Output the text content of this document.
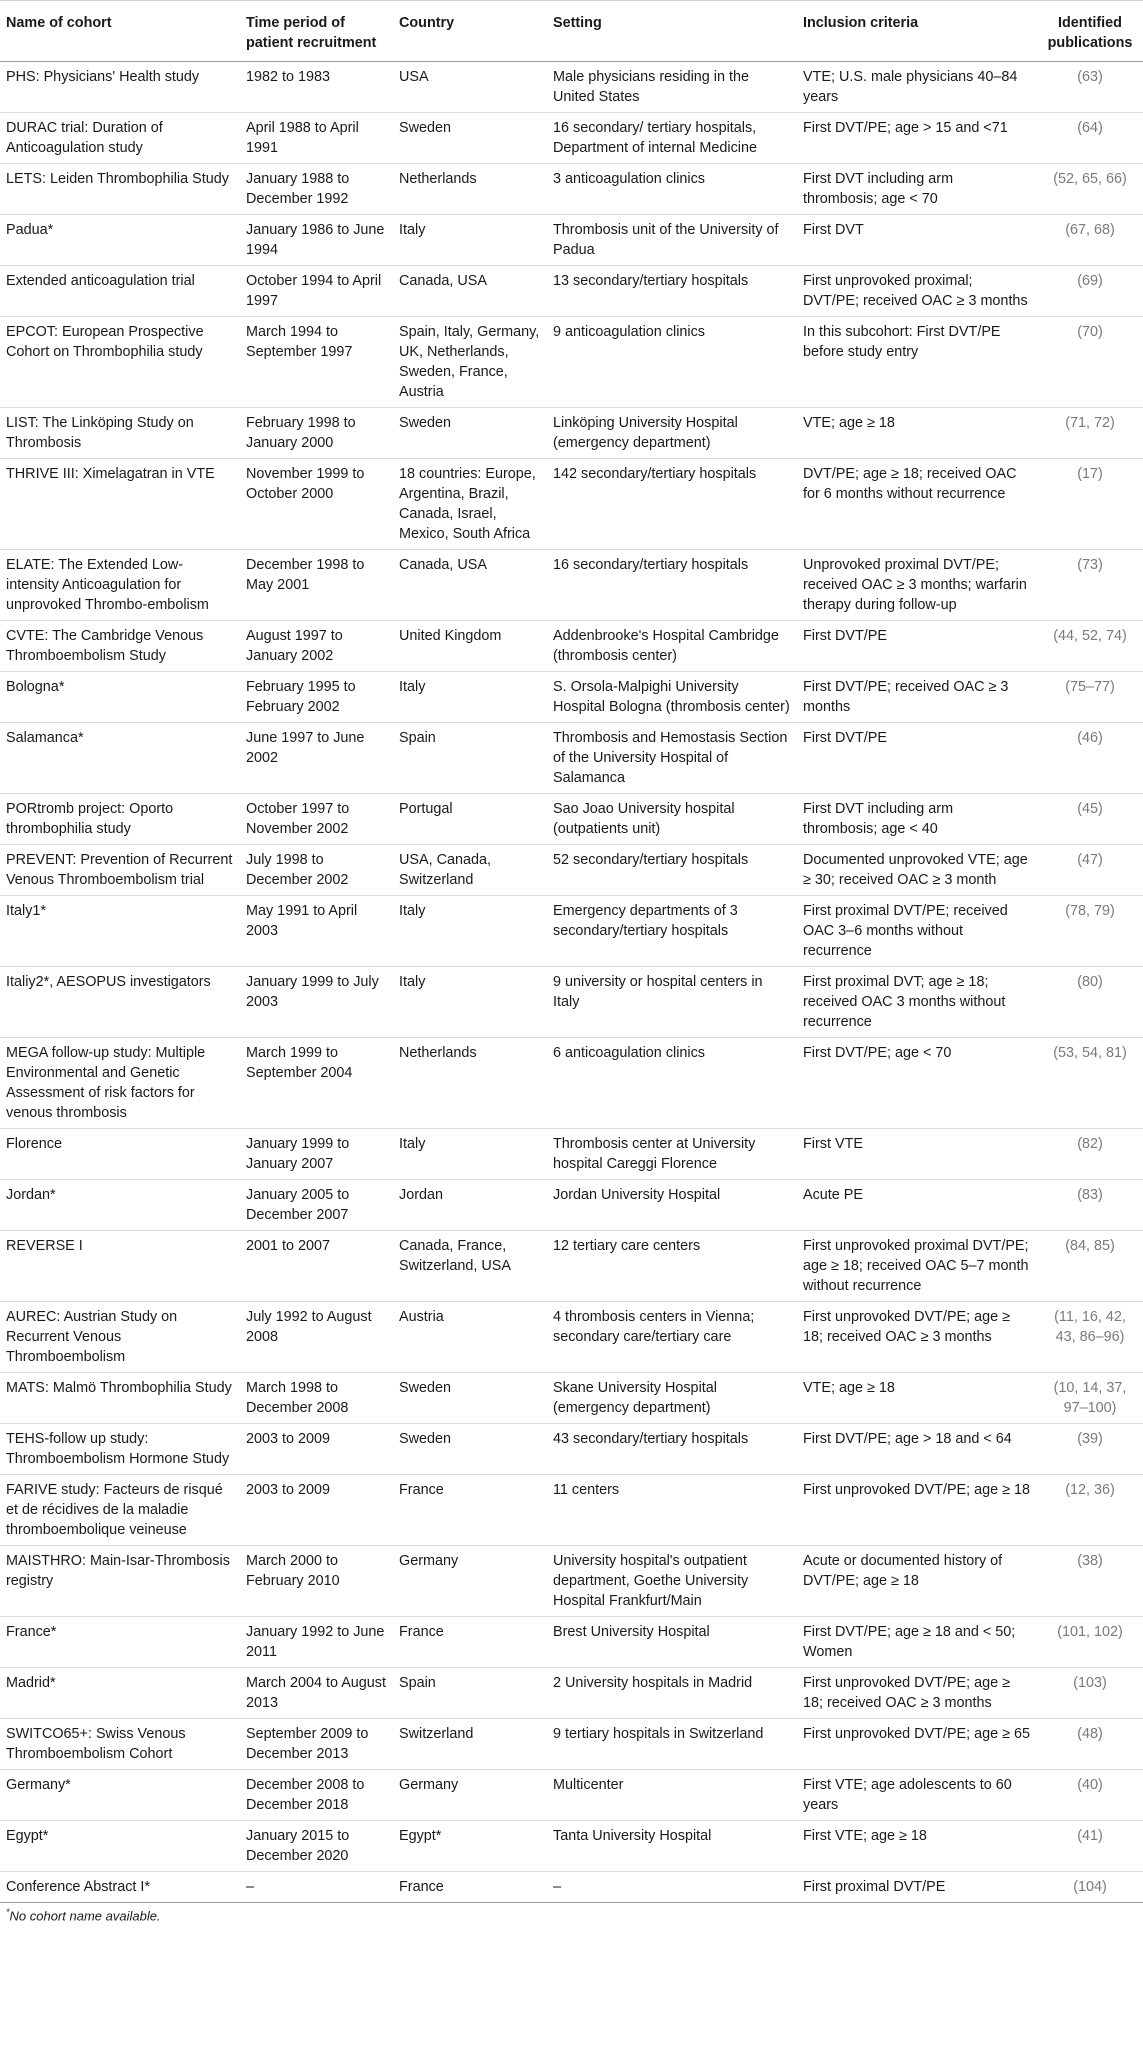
Name of cohort	Time period of patient recruitment	Country	Setting	Inclusion criteria	Identified publications
PHS: Physicians' Health study	1982 to 1983	USA	Male physicians residing in the United States	VTE; U.S. male physicians 40–84 years	(63)
DURAC trial: Duration of Anticoagulation study	April 1988 to April 1991	Sweden	16 secondary/ tertiary hospitals, Department of internal Medicine	First DVT/PE; age > 15 and <71	(64)
LETS: Leiden Thrombophilia Study	January 1988 to December 1992	Netherlands	3 anticoagulation clinics	First DVT including arm thrombosis; age < 70	(52, 65, 66)
Padua*	January 1986 to June 1994	Italy	Thrombosis unit of the University of Padua	First DVT	(67, 68)
Extended anticoagulation trial	October 1994 to April 1997	Canada, USA	13 secondary/tertiary hospitals	First unprovoked proximal; DVT/PE; received OAC ≥ 3 months	(69)
EPCOT: European Prospective Cohort on Thrombophilia study	March 1994 to September 1997	Spain, Italy, Germany, UK, Netherlands, Sweden, France, Austria	9 anticoagulation clinics	In this subcohort: First DVT/PE before study entry	(70)
LIST: The Linköping Study on Thrombosis	February 1998 to January 2000	Sweden	Linköping University Hospital (emergency department)	VTE; age ≥ 18	(71, 72)
THRIVE III: Ximelagatran in VTE	November 1999 to October 2000	18 countries: Europe, Argentina, Brazil, Canada, Israel, Mexico, South Africa	142 secondary/tertiary hospitals	DVT/PE; age ≥ 18; received OAC for 6 months without recurrence	(17)
ELATE: The Extended Low-intensity Anticoagulation for unprovoked Thrombo-embolism	December 1998 to May 2001	Canada, USA	16 secondary/tertiary hospitals	Unprovoked proximal DVT/PE; received OAC ≥ 3 months; warfarin therapy during follow-up	(73)
CVTE: The Cambridge Venous Thromboembolism Study	August 1997 to January 2002	United Kingdom	Addenbrooke's Hospital Cambridge (thrombosis center)	First DVT/PE	(44, 52, 74)
Bologna*	February 1995 to February 2002	Italy	S. Orsola-Malpighi University Hospital Bologna (thrombosis center)	First DVT/PE; received OAC ≥ 3 months	(75–77)
Salamanca*	June 1997 to June 2002	Spain	Thrombosis and Hemostasis Section of the University Hospital of Salamanca	First DVT/PE	(46)
PORtromb project: Oporto thrombophilia study	October 1997 to November 2002	Portugal	Sao Joao University hospital (outpatients unit)	First DVT including arm thrombosis; age < 40	(45)
PREVENT: Prevention of Recurrent Venous Thromboembolism trial	July 1998 to December 2002	USA, Canada, Switzerland	52 secondary/tertiary hospitals	Documented unprovoked VTE; age ≥ 30; received OAC ≥ 3 month	(47)
Italy1*	May 1991 to April 2003	Italy	Emergency departments of 3 secondary/tertiary hospitals	First proximal DVT/PE; received OAC 3–6 months without recurrence	(78, 79)
Italiy2*, AESOPUS investigators	January 1999 to July 2003	Italy	9 university or hospital centers in Italy	First proximal DVT; age ≥ 18; received OAC 3 months without recurrence	(80)
MEGA follow-up study: Multiple Environmental and Genetic Assessment of risk factors for venous thrombosis	March 1999 to September 2004	Netherlands	6 anticoagulation clinics	First DVT/PE; age < 70	(53, 54, 81)
Florence	January 1999 to January 2007	Italy	Thrombosis center at University hospital Careggi Florence	First VTE	(82)
Jordan*	January 2005 to December 2007	Jordan	Jordan University Hospital	Acute PE	(83)
REVERSE I	2001 to 2007	Canada, France, Switzerland, USA	12 tertiary care centers	First unprovoked proximal DVT/PE; age ≥ 18; received OAC 5–7 month without recurrence	(84, 85)
AUREC: Austrian Study on Recurrent Venous Thromboembolism	July 1992 to August 2008	Austria	4 thrombosis centers in Vienna; secondary care/tertiary care	First unprovoked DVT/PE; age ≥ 18; received OAC ≥ 3 months	(11, 16, 42, 43, 86–96)
MATS: Malmö Thrombophilia Study	March 1998 to December 2008	Sweden	Skane University Hospital (emergency department)	VTE; age ≥ 18	(10, 14, 37, 97–100)
TEHS-follow up study: Thromboembolism Hormone Study	2003 to 2009	Sweden	43 secondary/tertiary hospitals	First DVT/PE; age > 18 and < 64	(39)
FARIVE study: Facteurs de risqué et de récidives de la maladie thromboembolique veineuse	2003 to 2009	France	11 centers	First unprovoked DVT/PE; age ≥ 18	(12, 36)
MAISTHRO: Main-Isar-Thrombosis registry	March 2000 to February 2010	Germany	University hospital's outpatient department, Goethe University Hospital Frankfurt/Main	Acute or documented history of DVT/PE; age ≥ 18	(38)
France*	January 1992 to June 2011	France	Brest University Hospital	First DVT/PE; age ≥ 18 and < 50; Women	(101, 102)
Madrid*	March 2004 to August 2013	Spain	2 University hospitals in Madrid	First unprovoked DVT/PE; age ≥ 18; received OAC ≥ 3 months	(103)
SWITCO65+: Swiss Venous Thromboembolism Cohort	September 2009 to December 2013	Switzerland	9 tertiary hospitals in Switzerland	First unprovoked DVT/PE; age ≥ 65	(48)
Germany*	December 2008 to December 2018	Germany	Multicenter	First VTE; age adolescents to 60 years	(40)
Egypt*	January 2015 to December 2020	Egypt*	Tanta University Hospital	First VTE; age ≥ 18	(41)
Conference Abstract I*	–	France	–	First proximal DVT/PE	(104)
*No cohort name available.
